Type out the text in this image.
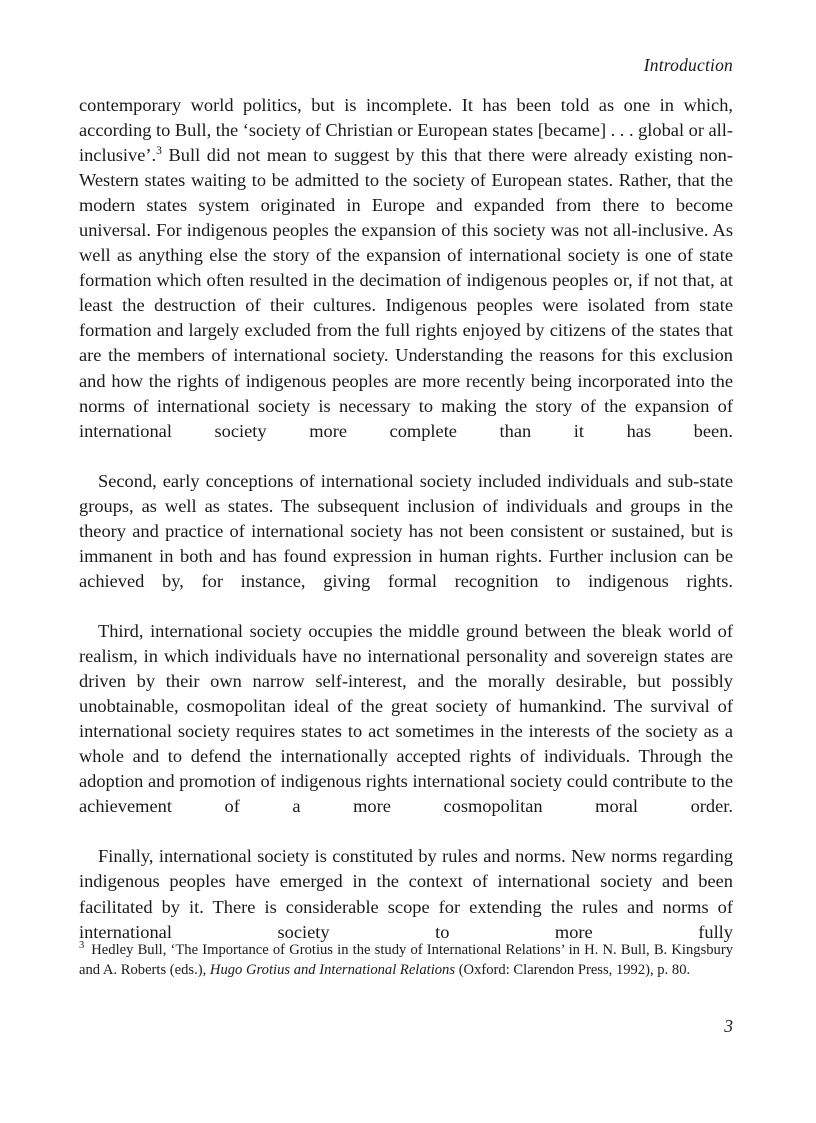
Introduction

contemporary world politics, but is incomplete. It has been told as one in which, according to Bull, the ‘society of Christian or European states [became] . . . global or all-inclusive’.$^3$ Bull did not mean to suggest by this that there were already existing non-Western states waiting to be admitted to the society of European states. Rather, that the modern states system originated in Europe and expanded from there to become universal. For indigenous peoples the expansion of this society was not all-inclusive. As well as anything else the story of the expansion of international society is one of state formation which often resulted in the decimation of indigenous peoples or, if not that, at least the destruction of their cultures. Indigenous peoples were isolated from state formation and largely excluded from the full rights enjoyed by citizens of the states that are the members of international society. Understanding the reasons for this exclusion and how the rights of indigenous peoples are more recently being incorporated into the norms of international society is necessary to making the story of the expansion of international society more complete than it has been.

Second, early conceptions of international society included individuals and sub-state groups, as well as states. The subsequent inclusion of individuals and groups in the theory and practice of international society has not been consistent or sustained, but is immanent in both and has found expression in human rights. Further inclusion can be achieved by, for instance, giving formal recognition to indigenous rights.

Third, international society occupies the middle ground between the bleak world of realism, in which individuals have no international personality and sovereign states are driven by their own narrow self-interest, and the morally desirable, but possibly unobtainable, cosmopolitan ideal of the great society of humankind. The survival of international society requires states to act sometimes in the interests of the society as a whole and to defend the internationally accepted rights of individuals. Through the adoption and promotion of indigenous rights international society could contribute to the achievement of a more cosmopolitan moral order.

Finally, international society is constituted by rules and norms. New norms regarding indigenous peoples have emerged in the context of international society and been facilitated by it. There is considerable scope for extending the rules and norms of international society to more fully

$^3$ Hedley Bull, ‘The Importance of Grotius in the study of International Relations’ in H. N. Bull, B. Kingsbury and A. Roberts (eds.), Hugo Grotius and International Relations (Oxford: Clarendon Press, 1992), p. 80.

3
